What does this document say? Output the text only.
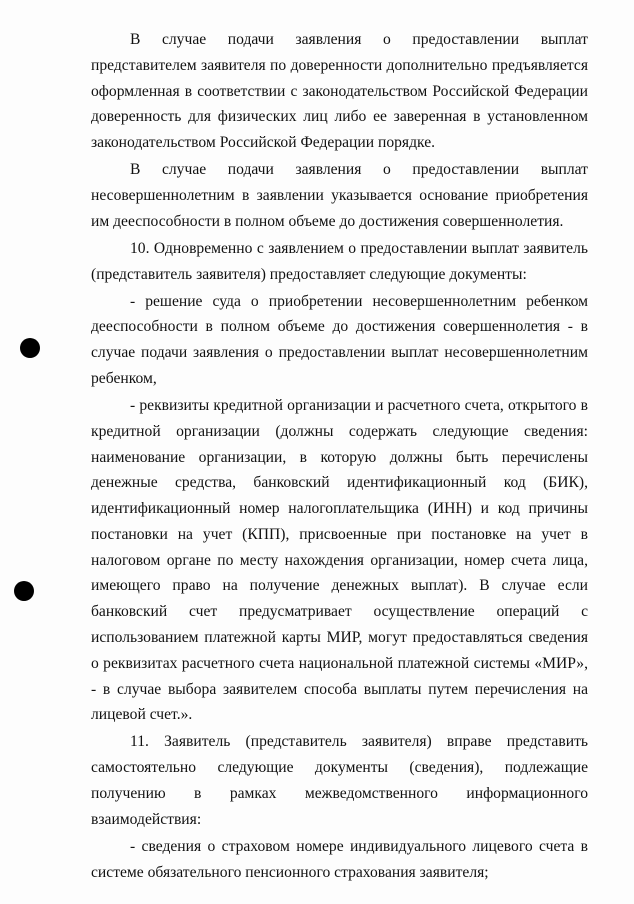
В случае подачи заявления о предоставлении выплат представителем заявителя по доверенности дополнительно предъявляется оформленная в соответствии с законодательством Российской Федерации доверенность для физических лиц либо ее заверенная в установленном законодательством Российской Федерации порядке.

В случае подачи заявления о предоставлении выплат несовершеннолетним в заявлении указывается основание приобретения им дееспособности в полном объеме до достижения совершеннолетия.

10. Одновременно с заявлением о предоставлении выплат заявитель (представитель заявителя) предоставляет следующие документы:

- решение суда о приобретении несовершеннолетним ребенком дееспособности в полном объеме до достижения совершеннолетия - в случае подачи заявления о предоставлении выплат несовершеннолетним ребенком,

- реквизиты кредитной организации и расчетного счета, открытого в кредитной организации (должны содержать следующие сведения: наименование организации, в которую должны быть перечислены денежные средства, банковский идентификационный код (БИК), идентификационный номер налогоплательщика (ИНН) и код причины постановки на учет (КПП), присвоенные при постановке на учет в налоговом органе по месту нахождения организации, номер счета лица, имеющего право на получение денежных выплат). В случае если банковский счет предусматривает осуществление операций с использованием платежной карты МИР, могут предоставляться сведения о реквизитах расчетного счета национальной платежной системы «МИР», - в случае выбора заявителем способа выплаты путем перечисления на лицевой счет.».

11. Заявитель (представитель заявителя) вправе представить самостоятельно следующие документы (сведения), подлежащие получению в рамках межведомственного информационного взаимодействия:

- сведения о страховом номере индивидуального лицевого счета в системе обязательного пенсионного страхования заявителя;
